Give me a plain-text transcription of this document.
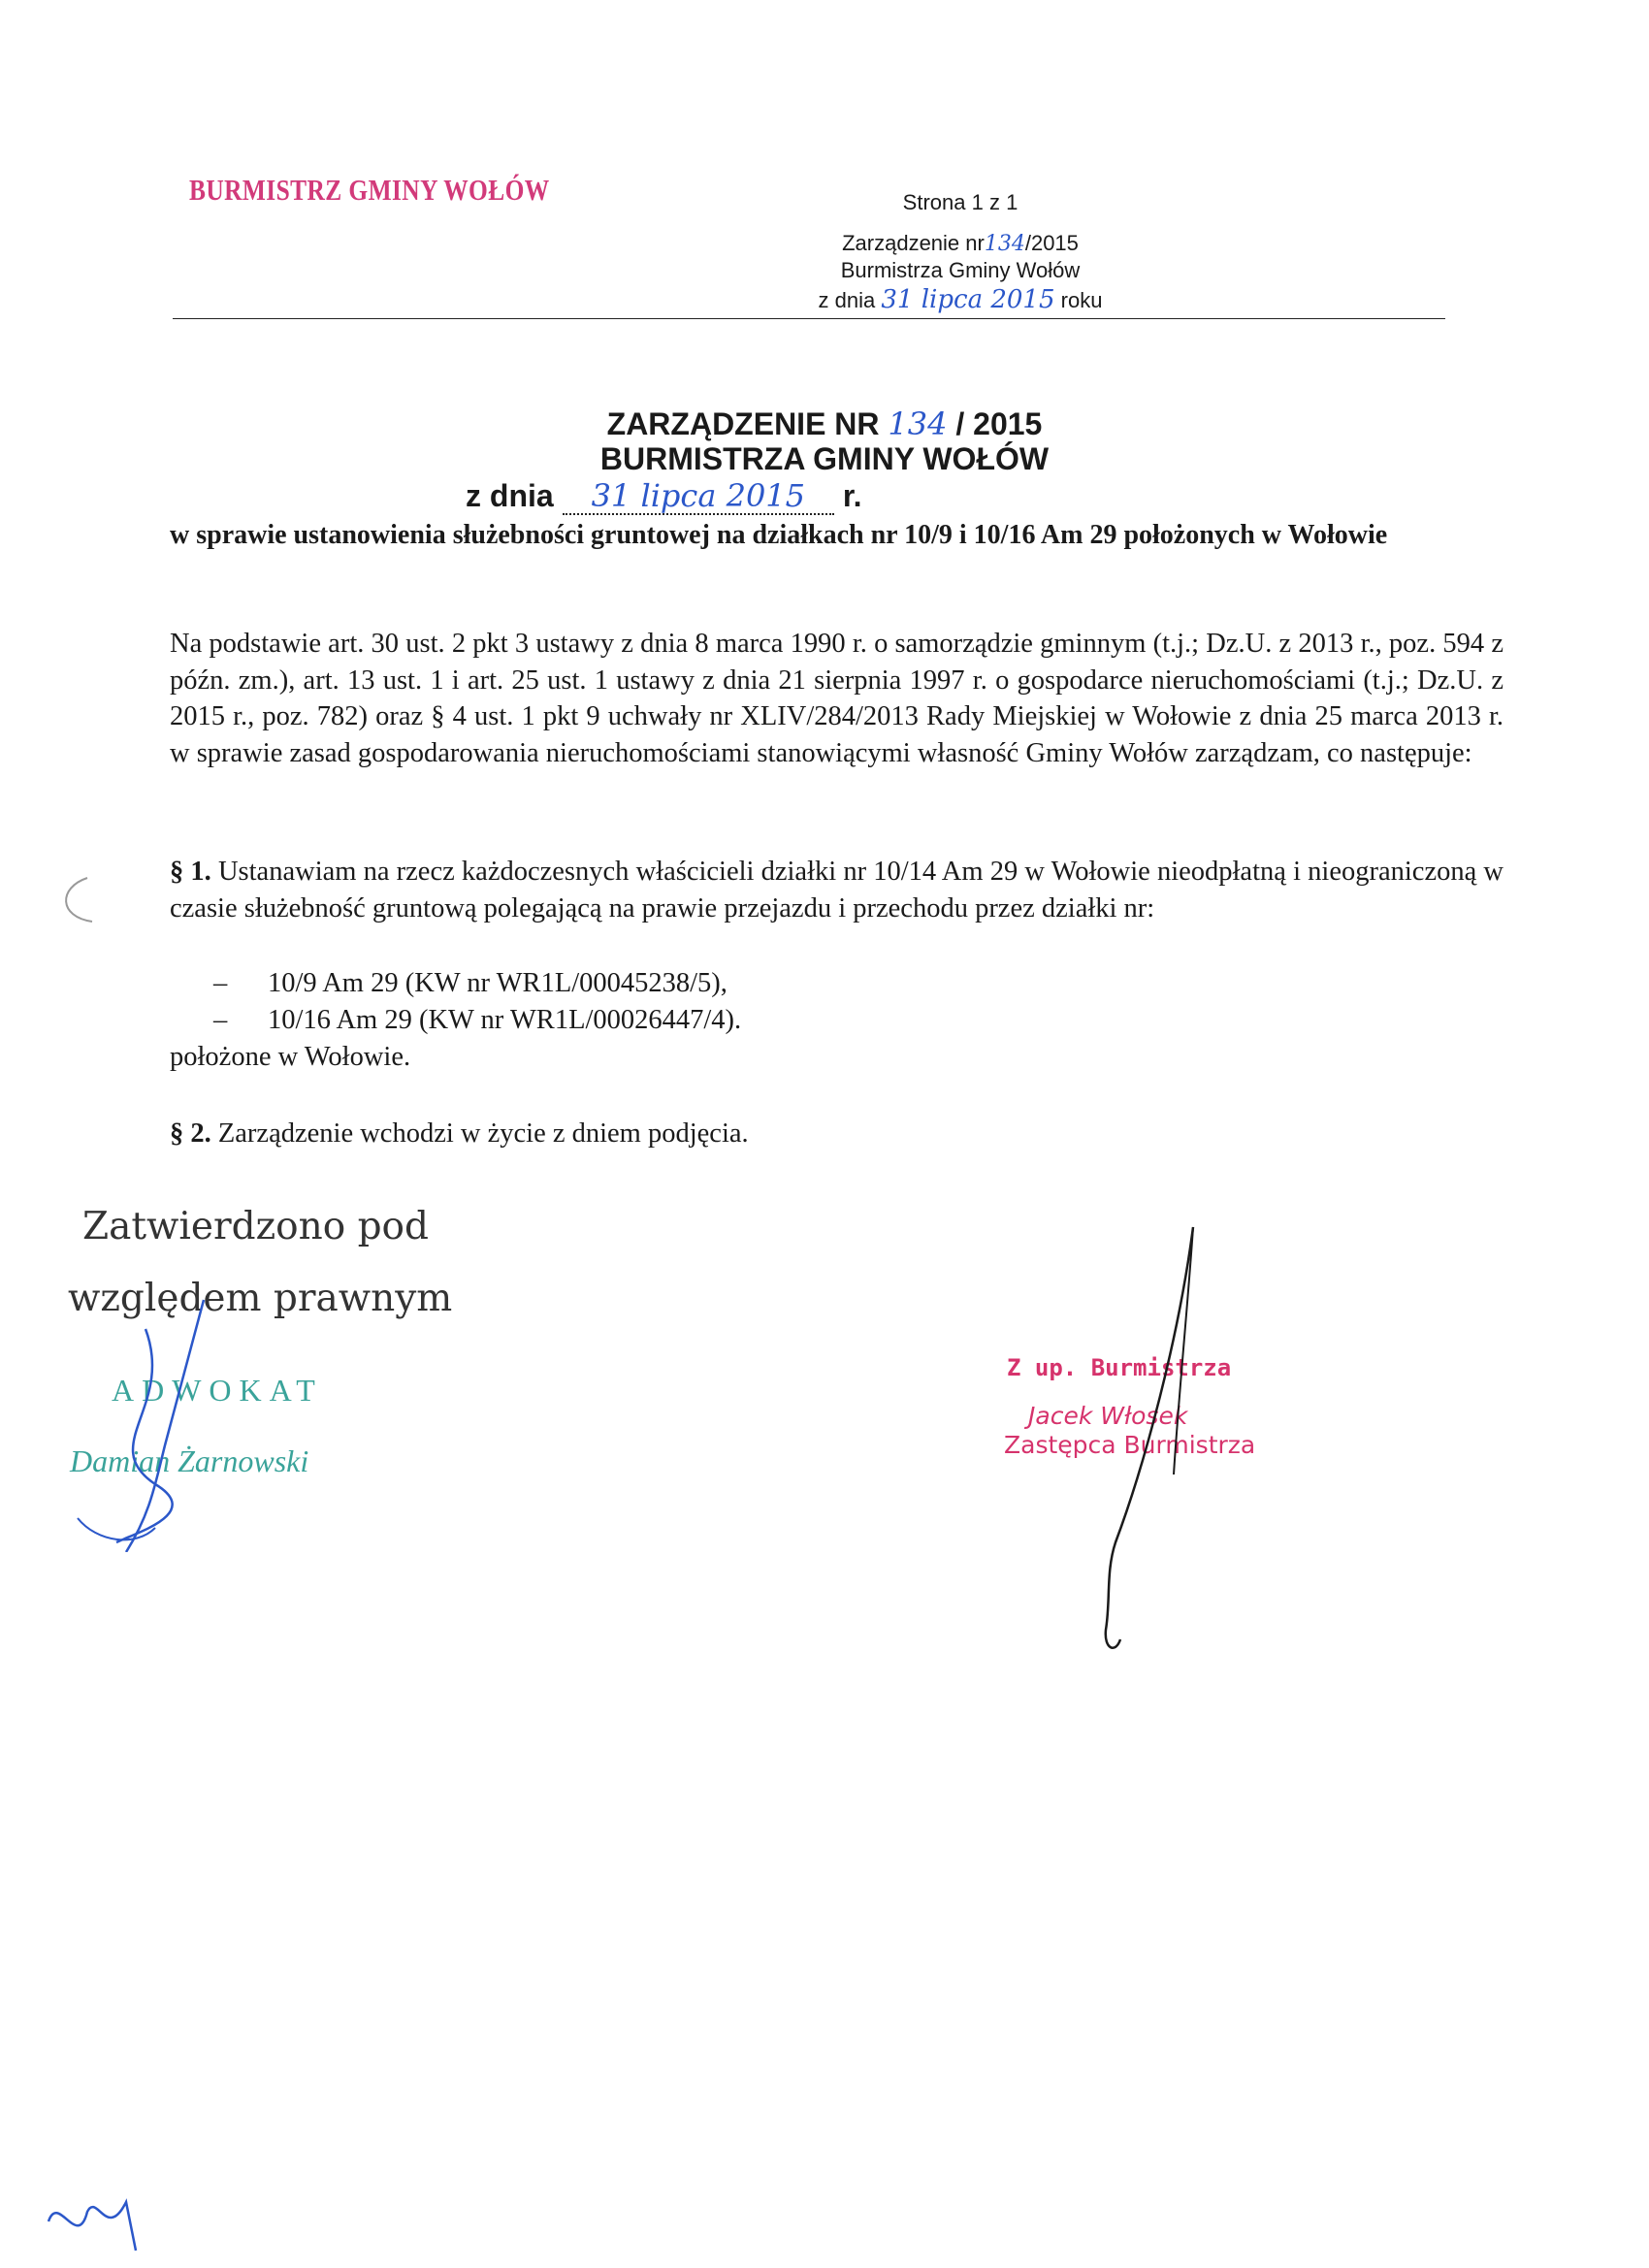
BURMISTRZ GMINY WOŁÓW	Strona 1 z 1
Zarządzenie nr134/2015
Burmistrza Gminy Wołów
z dnia 31 lipca 2015 roku
ZARZĄDZENIE NR 134 / 2015
BURMISTRZA GMINY WOŁÓW
z dnia 31 lipca 2015 r.
w sprawie ustanowienia służebności gruntowej na działkach nr 10/9 i 10/16 Am 29 położonych w Wołowie
Na podstawie art. 30 ust. 2 pkt 3 ustawy z dnia 8 marca 1990 r. o samorządzie gminnym (t.j.; Dz.U. z 2013 r., poz. 594 z późn. zm.), art. 13 ust. 1 i art. 25 ust. 1 ustawy z dnia 21 sierpnia 1997 r. o gospodarce nieruchomościami (t.j.; Dz.U. z 2015 r., poz. 782) oraz § 4 ust. 1 pkt 9 uchwały nr XLIV/284/2013 Rady Miejskiej w Wołowie z dnia 25 marca 2013 r. w sprawie zasad gospodarowania nieruchomościami stanowiącymi własność Gminy Wołów zarządzam, co następuje:
§ 1. Ustanawiam na rzecz każdoczesnych właścicieli działki nr 10/14 Am 29 w Wołowie nieodpłatną i nieograniczoną w czasie służebność gruntową polegającą na prawie przejazdu i przechodu przez działki nr:
– 10/9 Am 29 (KW nr WR1L/00045238/5),
– 10/16 Am 29 (KW nr WR1L/00026447/4).
położone w Wołowie.
§ 2. Zarządzenie wchodzi w życie z dniem podjęcia.
Zatwierdzono pod
względem prawnym
ADWOKAT
Damian Żarnowski
Z up. Burmistrza
Jacek Włosek
Zastępca Burmistrza
